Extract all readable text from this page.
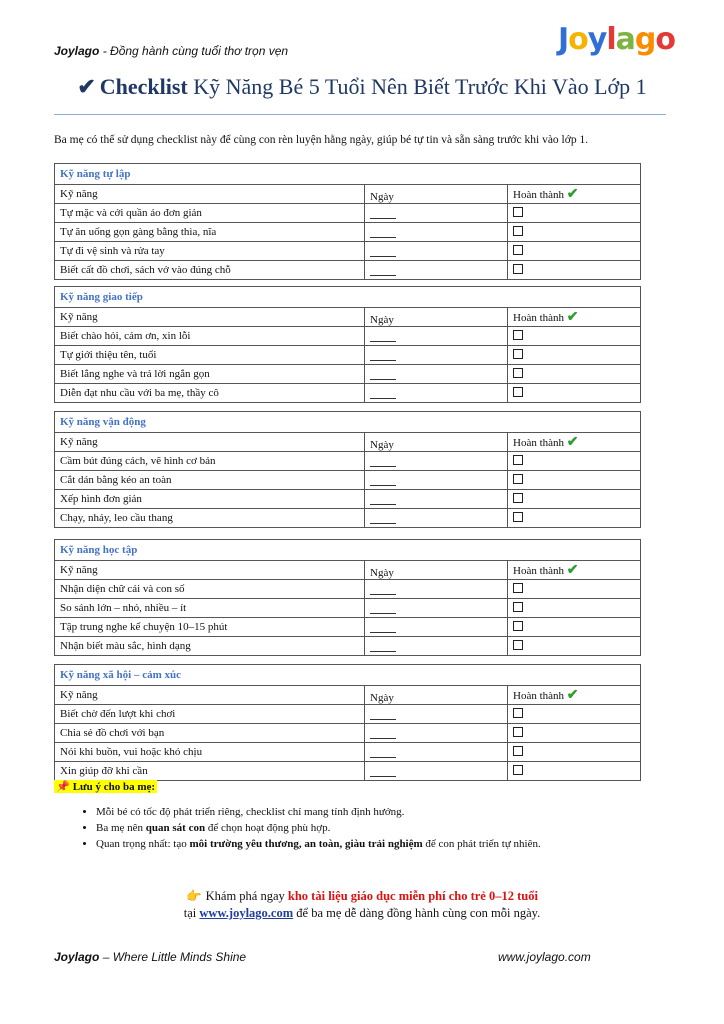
Joylago - Đồng hành cùng tuổi thơ trọn vẹn	Joylago
✔ Checklist Kỹ Năng Bé 5 Tuổi Nên Biết Trước Khi Vào Lớp 1
Ba mẹ có thể sử dụng checklist này để cùng con rèn luyện hằng ngày, giúp bé tự tin và sẵn sàng trước khi vào lớp 1.
Kỹ năng tự lập		
Kỹ năng	Ngày	Hoàn thành ✔
Tự mặc và cởi quần áo đơn giản		
Tự ăn uống gọn gàng bằng thìa, nĩa		
Tự đi vệ sinh và rửa tay		
Biết cất đồ chơi, sách vở vào đúng chỗ		
Kỹ năng giao tiếp		
Kỹ năng	Ngày	Hoàn thành ✔
Biết chào hỏi, cảm ơn, xin lỗi		
Tự giới thiệu tên, tuổi		
Biết lắng nghe và trả lời ngắn gọn		
Diễn đạt nhu cầu với ba mẹ, thầy cô		
Kỹ năng vận động		
Kỹ năng	Ngày	Hoàn thành ✔
Cầm bút đúng cách, vẽ hình cơ bản		
Cắt dán bằng kéo an toàn		
Xếp hình đơn giản		
Chạy, nhảy, leo cầu thang		
Kỹ năng học tập		
Kỹ năng	Ngày	Hoàn thành ✔
Nhận diện chữ cái và con số		
So sánh lớn – nhỏ, nhiều – ít		
Tập trung nghe kể chuyện 10–15 phút		
Nhận biết màu sắc, hình dạng		
Kỹ năng xã hội – cảm xúc		
Kỹ năng	Ngày	Hoàn thành ✔
Biết chờ đến lượt khi chơi		
Chia sẻ đồ chơi với bạn		
Nói khi buồn, vui hoặc khó chịu		
Xin giúp đỡ khi cần		
📌 Lưu ý cho ba mẹ:
• Mỗi bé có tốc độ phát triển riêng, checklist chỉ mang tính định hướng.
• Ba mẹ nên quan sát con để chọn hoạt động phù hợp.
• Quan trọng nhất: tạo môi trường yêu thương, an toàn, giàu trải nghiệm để con phát triển tự nhiên.
👉 Khám phá ngay kho tài liệu giáo dục miễn phí cho trẻ 0–12 tuổi
tại www.joylago.com để ba mẹ dễ dàng đồng hành cùng con mỗi ngày.
Joylago – Where Little Minds Shine	www.joylago.com
